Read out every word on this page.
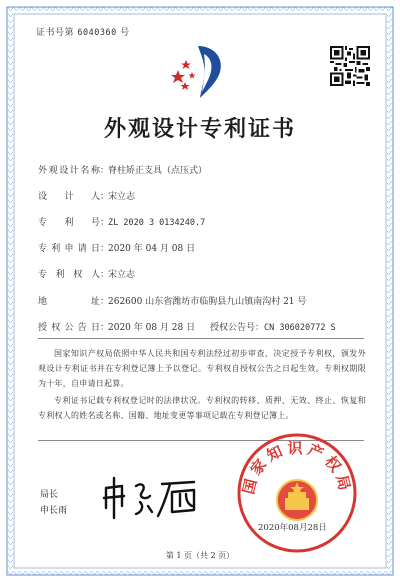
证书号第 6040360 号
外观设计专利证书
外观设计名称：脊柱矫正支具（点压式）
设计人：宋立志
专利号：ZL 2020 3 0134240.7
专利申请日：2020 年 04 月 08 日
专利权人：宋立志
地址：262600 山东省潍坊市临朐县九山镇南沟村 21 号
授权公告日：2020 年 08 月 28 日 授权公告号：CN 306020772 S

国家知识产权局依照中华人民共和国专利法经过初步审查，决定授予专利权，颁发外观设计专利证书并在专利登记簿上予以登记。专利权自授权公告之日起生效。专利权期限为十年，自申请日起算。

专利证书记载专利权登记时的法律状况。专利权的转移、质押、无效、终止、恢复和专利权人的姓名或名称、国籍、地址变更等事项记载在专利登记簿上。

局长
申长雨
国家知识产权局
2020年08月28日
第 1 页（共 2 页）
